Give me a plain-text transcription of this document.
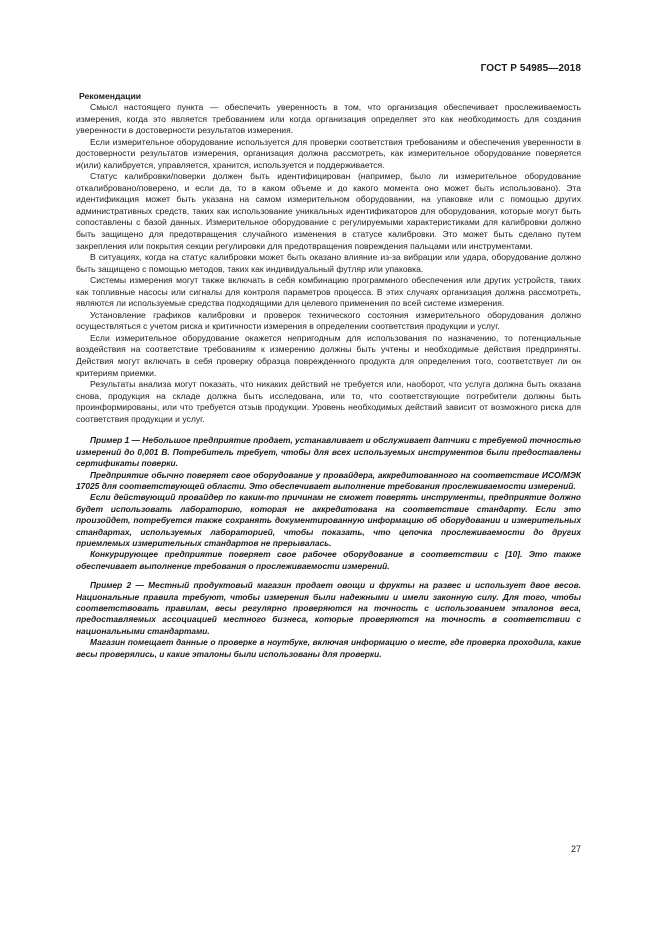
ГОСТ Р 54985—2018

Рекомендации

Смысл настоящего пункта — обеспечить уверенность в том, что организация обеспечивает прослеживаемость измерения, когда это является требованием или когда организация определяет это как необходимость для создания уверенности в достоверности результатов измерения.

Если измерительное оборудование используется для проверки соответствия требованиям и обеспечения уверенности в достоверности результатов измерения, организация должна рассмотреть, как измерительное оборудование поверяется и(или) калибруется, управляется, хранится, используется и поддерживается.

Статус калибровки/поверки должен быть идентифицирован (например, было ли измерительное оборудование откалибровано/поверено, и если да, то в каком объеме и до какого момента оно может быть использовано). Эта идентификация может быть указана на самом измерительном оборудовании, на упаковке или с помощью других административных средств, таких как использование уникальных идентификаторов для оборудования, которые могут быть сопоставлены с базой данных. Измерительное оборудование с регулируемыми характеристиками для калибровки должно быть защищено для предотвращения случайного изменения в статусе калибровки. Это может быть сделано путем закрепления или покрытия секции регулировки для предотвращения повреждения пальцами или инструментами.

В ситуациях, когда на статус калибровки может быть оказано влияние из-за вибрации или удара, оборудование должно быть защищено с помощью методов, таких как индивидуальный футляр или упаковка.

Системы измерения могут также включать в себя комбинацию программного обеспечения или других устройств, таких как топливные насосы или сигналы для контроля параметров процесса. В этих случаях организация должна рассмотреть, являются ли используемые средства подходящими для целевого применения по всей системе измерения.

Установление графиков калибровки и проверок технического состояния измерительного оборудования должно осуществляться с учетом риска и критичности измерения в определении соответствия продукции и услуг.

Если измерительное оборудование окажется непригодным для использования по назначению, то потенциальные воздействия на соответствие требованиям к измерению должны быть учтены и необходимые действия предприняты. Действия могут включать в себя проверку образца поврежденного продукта для определения того, соответствует ли он критериям приемки.

Результаты анализа могут показать, что никаких действий не требуется или, наоборот, что услуга должна быть оказана снова, продукция на складе должна быть исследована, или то, что соответствующие потребители должны быть проинформированы, или что требуется отзыв продукции. Уровень необходимых действий зависит от возможного риска для соответствия продукции и услуг.

Пример 1 — Небольшое предприятие продает, устанавливает и обслуживает датчики с требуемой точностью измерений до 0,001 В. Потребитель требует, чтобы для всех используемых инструментов были предоставлены сертификаты поверки.

Предприятие обычно поверяет свое оборудование у провайдера, аккредитованного на соответствие ИСО/МЭК 17025 для соответствующей области. Это обеспечивает выполнение требования прослеживаемости измерений.

Если действующий провайдер по каким-то причинам не сможет поверять инструменты, предприятие должно будет использовать лабораторию, которая не аккредитована на соответствие стандарту. Если это произойдет, потребуется также сохранять документированную информацию об оборудовании и измерительных стандартах, используемых лабораторией, чтобы показать, что цепочка прослеживаемости до других приемлемых измерительных стандартов не прерывалась.

Конкурирующее предприятие поверяет свое рабочее оборудование в соответствии с [10]. Это также обеспечивает выполнение требования о прослеживаемости измерений.

Пример 2 — Местный продуктовый магазин продает овощи и фрукты на развес и использует двое весов. Национальные правила требуют, чтобы измерения были надежными и имели законную силу. Для того, чтобы соответствовать правилам, весы регулярно проверяются на точность с использованием эталонов веса, предоставляемых ассоциацией местного бизнеса, которые проверяются на точность в соответствии с национальными стандартами.

Магазин помещает данные о проверке в ноутбуке, включая информацию о месте, где проверка проходила, какие весы проверялись, и какие эталоны были использованы для проверки.

27
